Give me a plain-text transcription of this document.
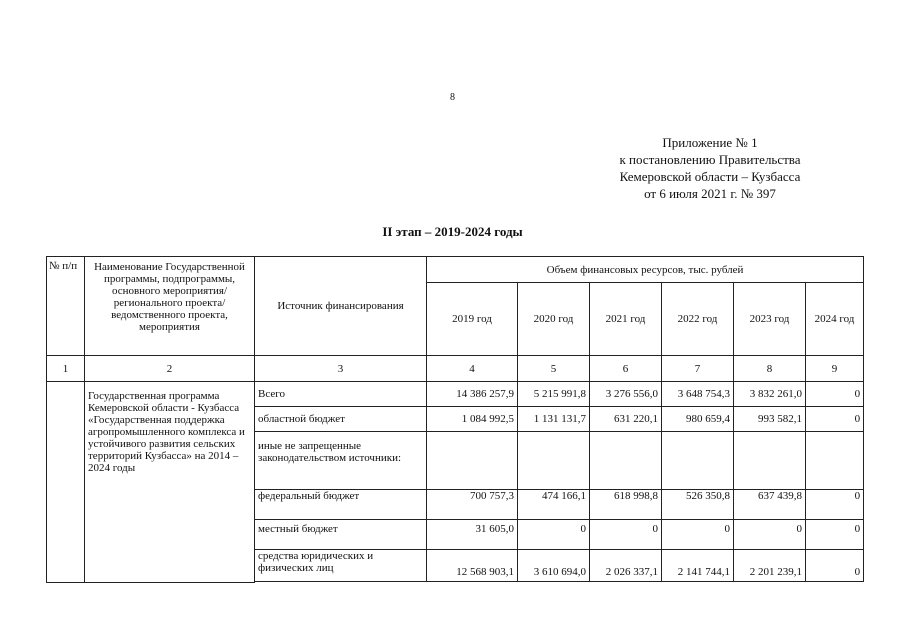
8
Приложение № 1
к постановлению Правительства
Кемеровской области – Кузбасса
от 6 июля 2021 г. № 397
II этап – 2019-2024 годы
№ п/п	Наименование Государственной программы, подпрограммы, основного мероприятия/регионального проекта/ведомственного проекта, мероприятия	Источник финансирования	Объем финансовых ресурсов, тыс. рублей					
			2019 год	2020 год	2021 год	2022 год	2023 год	2024 год
1	2	3	4	5	6	7	8	9
	Государственная программа Кемеровской области - Кузбасса «Государственная поддержка агропромышленного комплекса и устойчивого развития сельских территорий Кузбасса» на 2014 – 2024 годы	Всего	14 386 257,9	5 215 991,8	3 276 556,0	3 648 754,3	3 832 261,0	0
		областной бюджет	1 084 992,5	1 131 131,7	631 220,1	980 659,4	993 582,1	0
		иные не запрещенные законодательством источники:						
		федеральный бюджет	700 757,3	474 166,1	618 998,8	526 350,8	637 439,8	0
		местный бюджет	31 605,0	0	0	0	0	0
		средства юридических и физических лиц	12 568 903,1	3 610 694,0	2 026 337,1	2 141 744,1	2 201 239,1	0
